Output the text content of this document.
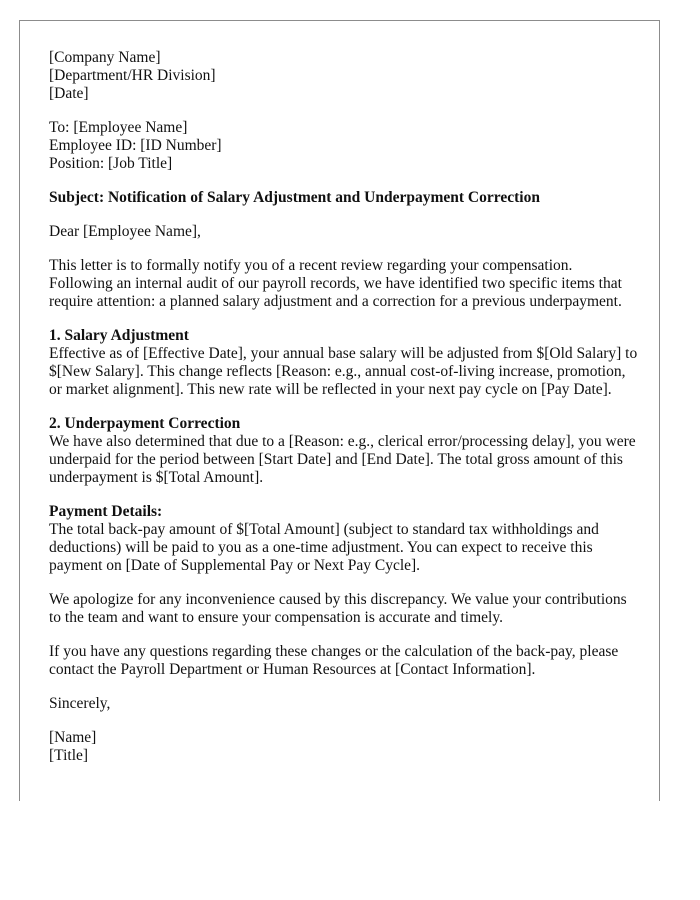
[Company Name]
[Department/HR Division]
[Date]
To: [Employee Name]
Employee ID: [ID Number]
Position: [Job Title]

Subject: Notification of Salary Adjustment and Underpayment Correction

Dear [Employee Name],

This letter is to formally notify you of a recent review regarding your compensation. Following an internal audit of our payroll records, we have identified two specific items that require attention: a planned salary adjustment and a correction for a previous underpayment.

1. Salary Adjustment
Effective as of [Effective Date], your annual base salary will be adjusted from $[Old Salary] to $[New Salary]. This change reflects [Reason: e.g., annual cost-of-living increase, promotion, or market alignment]. This new rate will be reflected in your next pay cycle on [Pay Date].
2. Underpayment Correction
We have also determined that due to a [Reason: e.g., clerical error/processing delay], you were underpaid for the period between [Start Date] and [End Date]. The total gross amount of this underpayment is $[Total Amount].
Payment Details:
The total back-pay amount of $[Total Amount] (subject to standard tax withholdings and deductions) will be paid to you as a one-time adjustment. You can expect to receive this payment on [Date of Supplemental Pay or Next Pay Cycle].

We apologize for any inconvenience caused by this discrepancy. We value your contributions to the team and want to ensure your compensation is accurate and timely.

If you have any questions regarding these changes or the calculation of the back-pay, please contact the Payroll Department or Human Resources at [Contact Information].

Sincerely,

[Name]
[Title]
